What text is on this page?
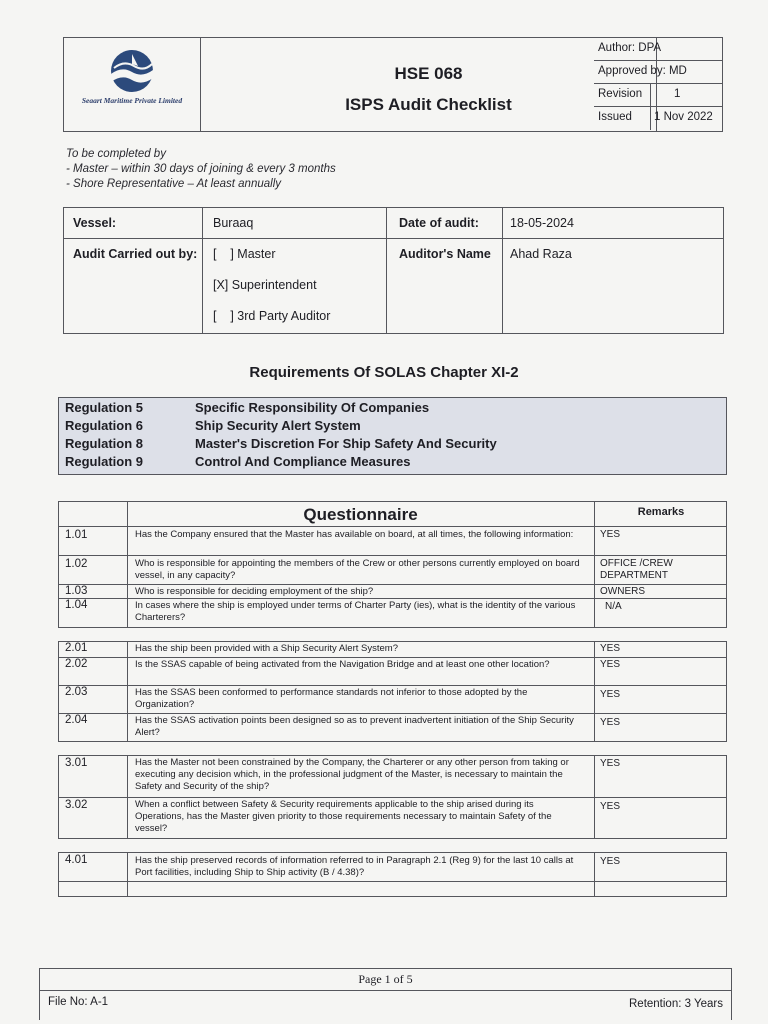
Seaart Maritime Private Limited
HSE 068
ISPS Audit Checklist
Author: DPA
Approved by: MD
Revision	1
Issued 1 Nov 2022
To be completed by
- Master – within 30 days of joining & every 3 months
- Shore Representative – At least annually
Vessel:	Buraaq	Date of audit: 18-05-2024
Audit Carried out by: [    ] Master
[X] Superintendent
[    ] 3rd Party Auditor
Auditor's Name Ahad Raza
Requirements Of SOLAS Chapter XI-2
Regulation 5	Specific Responsibility Of Companies
Regulation 6	Ship Security Alert System
Regulation 8	Master's Discretion For Ship Safety And Security
Regulation 9	Control And Compliance Measures
Questionnaire	Remarks
1.01	Has the Company ensured that the Master has available on board, at all times, the following information:	YES
1.02	Who is responsible for appointing the members of the Crew or other persons currently employed on board vessel, in any capacity?
OFFICE /CREW DEPARTMENT
1.03	Who is responsible for deciding employment of the ship?	OWNERS
1.04	In cases where the ship is employed under terms of Charter Party (ies), what is the identity of the various Charterers?
N/A
2.01	Has the ship been provided with a Ship Security Alert System?	YES
2.02	Is the SSAS capable of being activated from the Navigation Bridge and at least one other location?	YES
2.03	Has the SSAS been conformed to performance standards not inferior to those adopted by the Organization?
YES
2.04	Has the SSAS activation points been designed so as to prevent inadvertent initiation of the Ship Security Alert?
YES
3.01	Has the Master not been constrained by the Company, the Charterer or any other person from taking or executing any decision which, in the professional judgment of the Master, is necessary to maintain the Safety and Security of the ship?
YES
3.02	When a conflict between Safety & Security requirements applicable to the ship arised during its Operations, has the Master given priority to those requirements necessary to maintain Safety of the vessel?
YES
4.01	Has the ship preserved records of information referred to in Paragraph 2.1 (Reg 9) for the last 10 calls at Port facilities, including Ship to Ship activity (B / 4.38)?
YES
Page 1 of 5
File No: A-1	Retention: 3 Years
